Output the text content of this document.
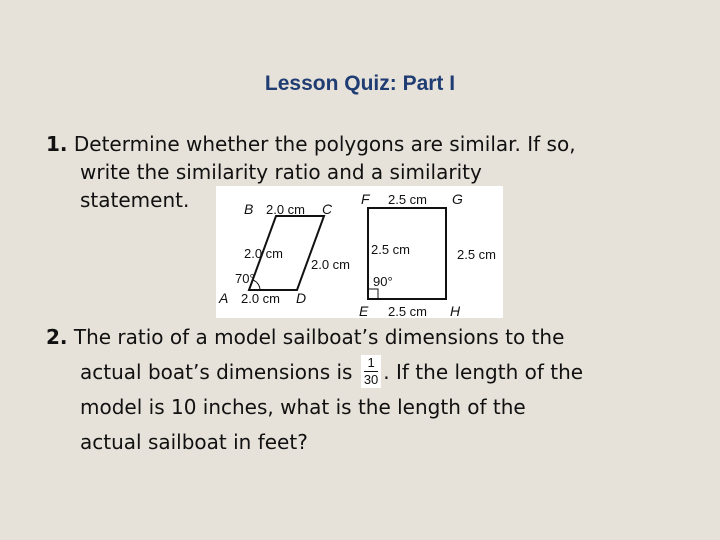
Lesson Quiz: Part I
1. Determine whether the polygons are similar. If so,
write the similarity ratio and a similarity
statement.	B	C
A	D
2.0 cm
2.0 cm
2.0 cm
2.0 cm
70°
F	G
E	H
2.5 cm
2.5 cm	2.5 cm
2.5 cm
90°
2. The ratio of a model sailboat’s dimensions to the
actual boat’s dimensions is $\frac{1}{30}$ . If the length of the
model is 10 inches, what is the length of the
actual sailboat in feet?
